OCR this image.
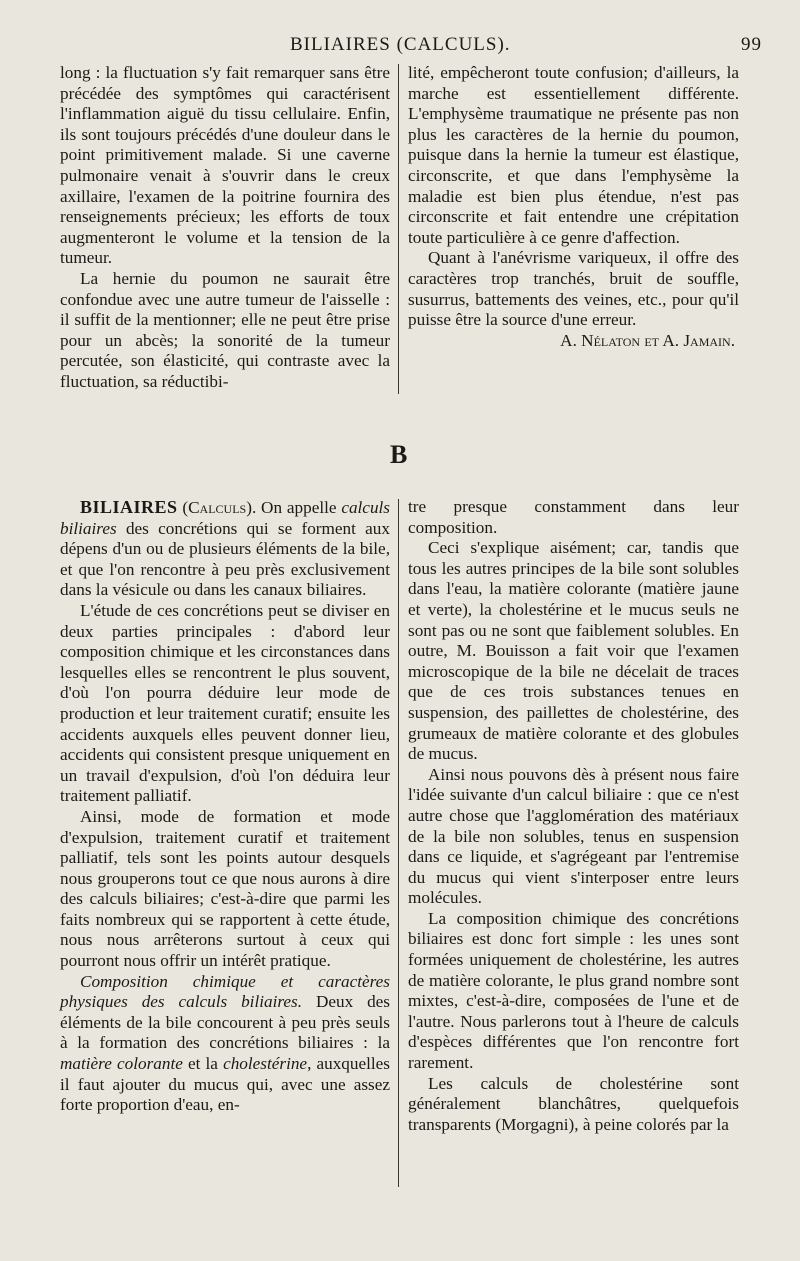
BILIAIRES (CALCULS).	99

long : la fluctuation s'y fait remarquer sans être précédée des symptômes qui caractérisent l'inflammation aiguë du tissu cellulaire. Enfin, ils sont toujours précédés d'une douleur dans le point primitivement malade. Si une caverne pulmonaire venait à s'ouvrir dans le creux axillaire, l'examen de la poitrine fournira des renseignements précieux; les efforts de toux augmenteront le volume et la tension de la tumeur.

La hernie du poumon ne saurait être confondue avec une autre tumeur de l'aisselle : il suffit de la mentionner; elle ne peut être prise pour un abcès; la sonorité de la tumeur percutée, son élasticité, qui contraste avec la fluctuation, sa réductibi-

lité, empêcheront toute confusion; d'ailleurs, la marche est essentiellement différente. L'emphysème traumatique ne présente pas non plus les caractères de la hernie du poumon, puisque dans la hernie la tumeur est élastique, circonscrite, et que dans l'emphysème la maladie est bien plus étendue, n'est pas circonscrite et fait entendre une crépitation toute particulière à ce genre d'affection.

Quant à l'anévrisme variqueux, il offre des caractères trop tranchés, bruit de souffle, susurrus, battements des veines, etc., pour qu'il puisse être la source d'une erreur.

A. Nélaton et A. Jamain.

B

BILIAIRES (Calculs). On appelle calculs biliaires des concrétions qui se forment aux dépens d'un ou de plusieurs éléments de la bile, et que l'on rencontre à peu près exclusivement dans la vésicule ou dans les canaux biliaires.

L'étude de ces concrétions peut se diviser en deux parties principales : d'abord leur composition chimique et les circonstances dans lesquelles elles se rencontrent le plus souvent, d'où l'on pourra déduire leur mode de production et leur traitement curatif; ensuite les accidents auxquels elles peuvent donner lieu, accidents qui consistent presque uniquement en un travail d'expulsion, d'où l'on déduira leur traitement palliatif.

Ainsi, mode de formation et mode d'expulsion, traitement curatif et traitement palliatif, tels sont les points autour desquels nous grouperons tout ce que nous aurons à dire des calculs biliaires; c'est-à-dire que parmi les faits nombreux qui se rapportent à cette étude, nous nous arrêterons surtout à ceux qui pourront nous offrir un intérêt pratique.

Composition chimique et caractères physiques des calculs biliaires. Deux des éléments de la bile concourent à peu près seuls à la formation des concrétions biliaires : la matière colorante et la cholestérine, auxquelles il faut ajouter du mucus qui, avec une assez forte proportion d'eau, en-

tre presque constamment dans leur composition.

Ceci s'explique aisément; car, tandis que tous les autres principes de la bile sont solubles dans l'eau, la matière colorante (matière jaune et verte), la cholestérine et le mucus seuls ne sont pas ou ne sont que faiblement solubles. En outre, M. Bouisson a fait voir que l'examen microscopique de la bile ne décelait de traces que de ces trois substances tenues en suspension, des paillettes de cholestérine, des grumeaux de matière colorante et des globules de mucus.

Ainsi nous pouvons dès à présent nous faire l'idée suivante d'un calcul biliaire : que ce n'est autre chose que l'agglomération des matériaux de la bile non solubles, tenus en suspension dans ce liquide, et s'agrégeant par l'entremise du mucus qui vient s'interposer entre leurs molécules.

La composition chimique des concrétions biliaires est donc fort simple : les unes sont formées uniquement de cholestérine, les autres de matière colorante, le plus grand nombre sont mixtes, c'est-à-dire, composées de l'une et de l'autre. Nous parlerons tout à l'heure de calculs d'espèces différentes que l'on rencontre fort rarement.

Les calculs de cholestérine sont généralement blanchâtres, quelquefois transparents (Morgagni), à peine colorés par la
